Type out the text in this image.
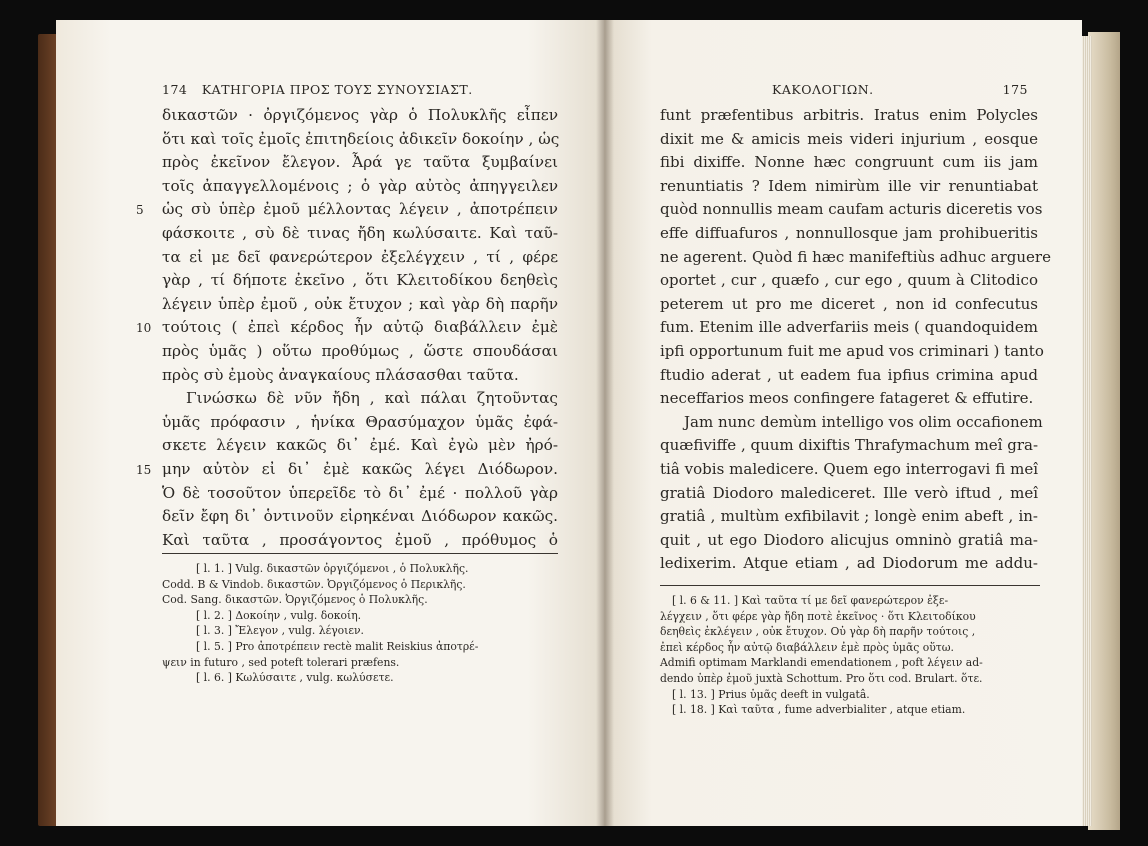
174 ΚΑΤΗΓΟΡΙΑ ΠΡΟΣ ΤΟΥΣ ΣΥΝΟΥΣΙΑΣΤ.
δικαστῶν · ὀργιζόμενος γὰρ ὁ Πολυκλῆς εἶπεν
ὅτι καὶ τοῖς ἐμοῖς ἐπιτηδείοις ἀδικεῖν δοκοίην , ὡς
πρὸς ἐκεῖνον ἔλεγον. Ἆρά γε ταῦτα ξυμβαίνει
τοῖς ἀπαγγελλομένοις ; ὁ γὰρ αὐτὸς ἀπηγγειλεν
5 ὡς σὺ ὑπὲρ ἐμοῦ μέλλοντας λέγειν , ἀποτρέπειν
φάσκοιτε , σὺ δὲ τινας ἤδη κωλύσαιτε. Καὶ ταῦ-
τα εἰ με δεῖ φανερώτερον ἐξελέγχειν , τί , φέρε
γὰρ , τί δήποτε ἐκεῖνο , ὅτι Κλειτοδίκου δεηθεὶς
λέγειν ὑπὲρ ἐμοῦ , οὐκ ἔτυχον ; καὶ γὰρ δὴ παρῆν
10 τούτοις ( ἐπεὶ κέρδος ἦν αὐτῷ διαβάλλειν ἐμὲ
πρὸς ὑμᾶς ) οὕτω προθύμως , ὥστε σπουδάσαι
πρὸς σὺ ἐμοὺς ἀναγκαίους πλάσασθαι ταῦτα.
Γινώσκω δὲ νῦν ἤδη , καὶ πάλαι ζητοῦντας
ὑμᾶς πρόφασιν , ἡνίκα Θρασύμαχον ὑμᾶς ἐφά-
σκετε λέγειν κακῶς δι᾽ ἐμέ. Καὶ ἐγὼ μὲν ἠρό-
15 μην αὐτὸν εἰ δι᾽ ἐμὲ κακῶς λέγει Διόδωρον.
Ὁ δὲ τοσοῦτον ὑπερεῖδε τὸ δι᾽ ἐμέ · πολλοῦ γὰρ
δεῖν ἔφη δι᾽ ὁντινοῦν εἰρηκέναι Διόδωρον κακῶς.
Καὶ ταῦτα , προσάγοντος ἐμοῦ , πρόθυμος ὁ
[ l. 1. ] Vulg. δικαστῶν ὀργιζόμενοι , ὁ Πολυκλῆς.
Codd. B & Vindob. δικαστῶν. Ὀργιζόμενος ὁ Περικλῆς.
Cod. Sang. δικαστῶν. Ὀργιζόμενος ὁ Πολυκλῆς.
[ l. 2. ] Δοκοίην , vulg. δοκοίη.
[ l. 3. ] Ἔλεγον , vulg. λέγοιεν.
[ l. 5. ] Pro ἀποτρέπειν rectè malit Reiskius ἀποτρέ-
ψειν in futuro , sed poteft tolerari præfens.
[ l. 6. ] Κωλύσαιτε , vulg. κωλύσετε.
ΚΑΚΟΛΟΓΙΩΝ.	175
funt præfentibus arbitris. Iratus enim Polycles
dixit me & amicis meis videri injurium , eosque
fibi dixiffe. Nonne hæc congruunt cum iis jam
renuntiatis ? Idem nimirùm ille vir renuntiabat
quòd nonnullis meam caufam acturis diceretis vos
effe diffuafuros , nonnullosque jam prohibueritis
ne agerent. Quòd fi hæc manifeftiùs adhuc arguere
oportet , cur , quæfo , cur ego , quum à Clitodico
peterem ut pro me diceret , non id confecutus
fum. Etenim ille adverfariis meis ( quandoquidem
ipfi opportunum fuit me apud vos criminari ) tanto
ftudio aderat , ut eadem fua ipfius crimina apud
neceffarios meos confingere fatageret & effutire.
Jam nunc demùm intelligo vos olim occafionem
quæfiviffe , quum dixiftis Thrafymachum meî gra-
tiâ vobis maledicere. Quem ego interrogavi fi meî
gratiâ Diodoro malediceret. Ille verò iftud , meî
gratiâ , multùm exfibilavit ; longè enim abeft , in-
quit , ut ego Diodoro alicujus omninò gratiâ ma-
ledixerim. Atque etiam , ad Diodorum me addu-
[ l. 6 & 11. ] Καὶ ταῦτα τί με δεῖ φανερώτερον ἐξε-
λέγχειν , ὅτι φέρε γὰρ ἤδη ποτὲ ἐκεῖνος · ὅτι Κλειτοδίκου
δεηθεὶς ἐκλέγειν , οὐκ ἔτυχον. Οὐ γὰρ δὴ παρῆν τούτοις ,
ἐπεὶ κέρδος ἦν αὐτῷ διαβάλλειν ἐμὲ πρὸς ὑμᾶς οὕτω.
Admifi optimam Marklandi emendationem , poft λέγειν ad-
dendo ὑπὲρ ἐμοῦ juxtà Schottum. Pro ὅτι cod. Brulart. ὅτε.
[ l. 13. ] Prius ὑμᾶς deeft in vulgatâ.
[ l. 18. ] Καὶ ταῦτα , fume adverbialiter , atque etiam.
